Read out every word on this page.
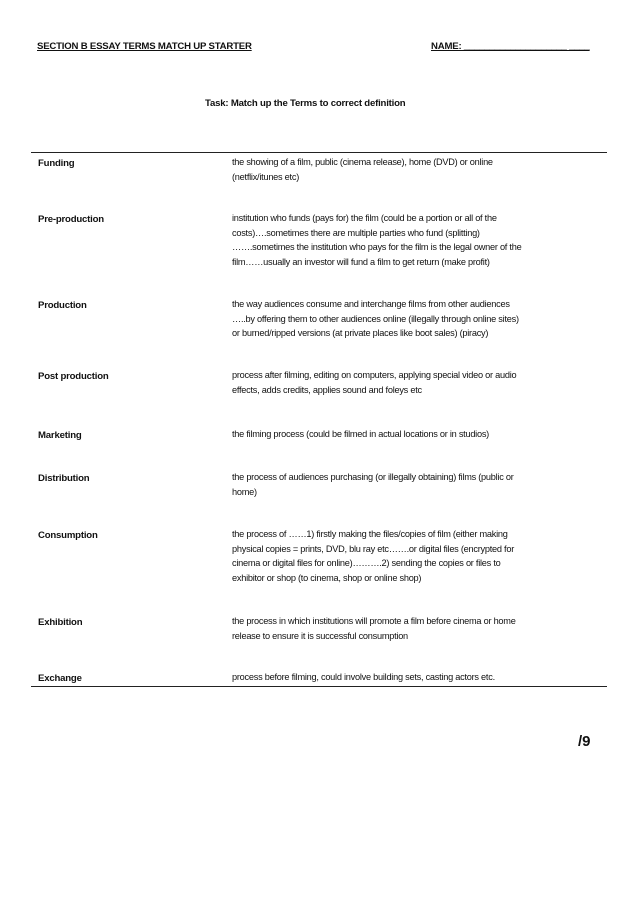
SECTION B ESSAY TERMS MATCH UP STARTER	NAME: ____________________ ____
Task: Match up the Terms to correct definition
Funding	the showing of a film, public (cinema release), home (DVD) or online
(netflix/itunes etc)
Pre-production	institution who funds (pays for) the film (could be a portion or all of the
costs)….sometimes there are multiple parties who fund (splitting)
…….sometimes the institution who pays for the film is the legal owner of the
film……usually an investor will fund a film to get return (make profit)
Production	the way audiences consume and interchange films from other audiences
…..by offering them to other audiences online (illegally through online sites)
or burned/ripped versions (at private places like boot sales) (piracy)
Post production	process after filming, editing on computers, applying special video or audio
effects, adds credits, applies sound and foleys etc
Marketing	the filming process (could be filmed in actual locations or in studios)
Distribution	the process of audiences purchasing (or illegally obtaining) films (public or
home)
Consumption	the process of ……1) firstly making the files/copies of film (either making
physical copies = prints, DVD, blu ray etc…….or digital files (encrypted for
cinema or digital files for online)……….2) sending the copies or files to
exhibitor or shop (to cinema, shop or online shop)
Exhibition	the process in which institutions will promote a film before cinema or home
release to ensure it is successful consumption
Exchange	process before filming, could involve building sets, casting actors etc.
/9
